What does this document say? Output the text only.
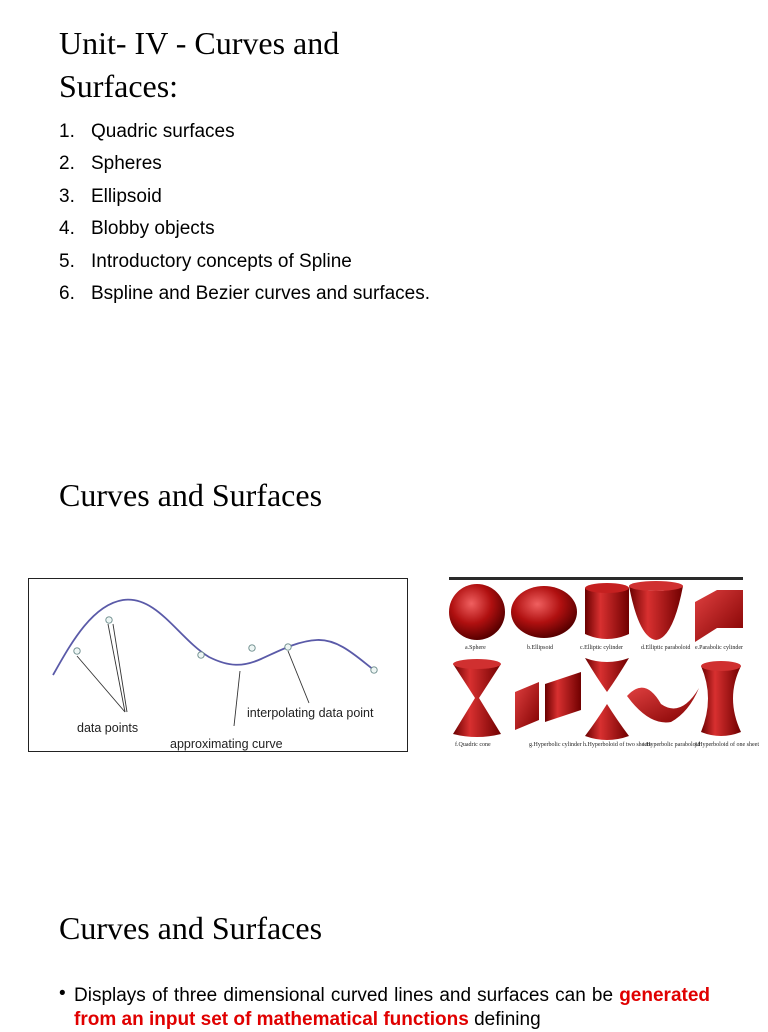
Unit- IV - Curves and
Surfaces:
1. Quadric surfaces
2. Spheres
3. Ellipsoid
4. Blobby objects
5. Introductory concepts of Spline
6. Bspline and Bezier curves and surfaces.
Curves and Surfaces
data points
interpolating data point
approximating curve
a.Sphere	b.Ellipsoid	c.Elliptic cylinder	d.Elliptic paraboloid e.Parabolic cylinder
f.Quadric cone	g.Hyperbolic cylinder h.Hyperboloid of two sheets
i.Hyperbolic paraboloid
j.Hyperboloid of one sheet
Curves and Surfaces
• Displays of three dimensional curved lines and surfaces can be generated from an input set of mathematical functions defining
